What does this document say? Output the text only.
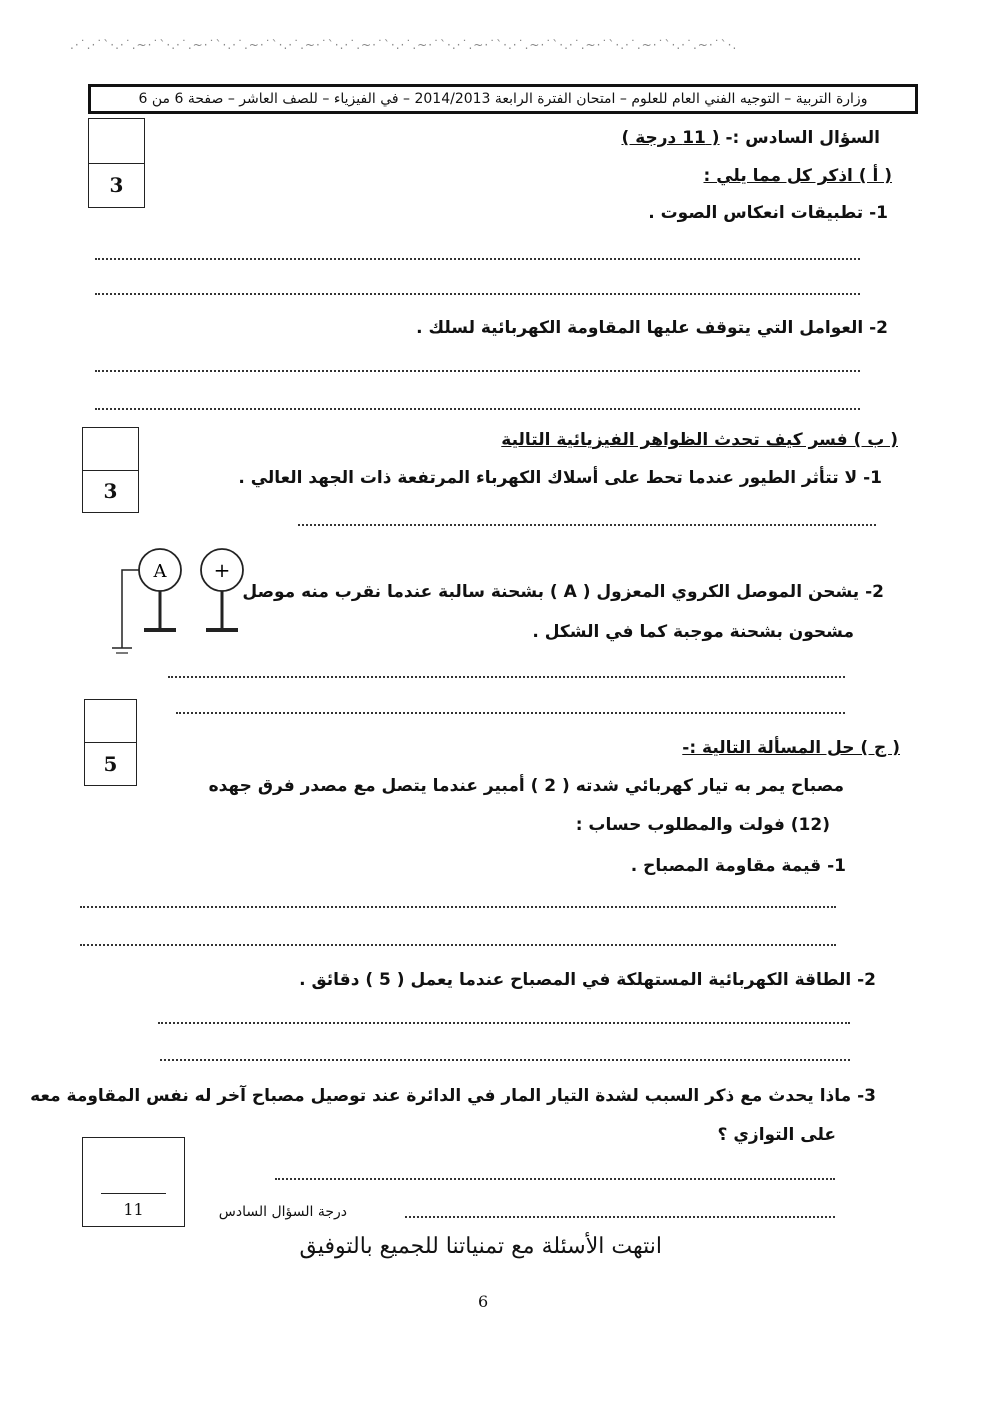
.·˙.·˙`·.·˙.~·˙`·.·˙.~·˙`·.·˙.~·˙`·.·˙.~·˙`·.·˙.~·˙`·.·˙.~·˙`·.·˙.~·˙`·.·˙.~·˙`·.·˙.~·˙`·.·˙.~·˙`·.·˙.~·˙`·.
وزارة التربية – التوجيه الفني العام للعلوم – امتحان الفترة الرابعة 2014/2013 – في الفيزياء – للصف العاشر – صفحة 6 من 6
السؤال السادس :- ( 11 درجة )
3	( أ ) اذكر كل مما يلي :
1- تطبيقات انعكاس الصوت .
2- العوامل التي يتوقف عليها المقاومة الكهربائية لسلك .
3
( ب ) فسر كيف تحدث الظواهر الفيزيائية التالية
1- لا تتأثر الطيور عندما تحط على أسلاك الكهرباء المرتفعة ذات الجهد العالي .
2- يشحن الموصل الكروي المعزول ( A ) بشحنة سالبة عندما نقرب منه موصل
مشحون بشحنة موجبة كما في الشكل .
A +
5
( ج ) حل المسألة التالية :-
مصباح يمر به تيار كهربائي شدته ( 2 ) أمبير عندما يتصل مع مصدر فرق جهده
(12) فولت والمطلوب حساب :
1- قيمة مقاومة المصباح .
2- الطاقة الكهربائية المستهلكة في المصباح عندما يعمل ( 5 ) دقائق .
3- ماذا يحدث مع ذكر السبب لشدة التيار المار في الدائرة عند توصيل مصباح آخر له نفس المقاومة معه
على التوازي ؟
11	درجة السؤال السادس
انتهت الأسئلة مع تمنياتنا للجميع بالتوفيق
6
